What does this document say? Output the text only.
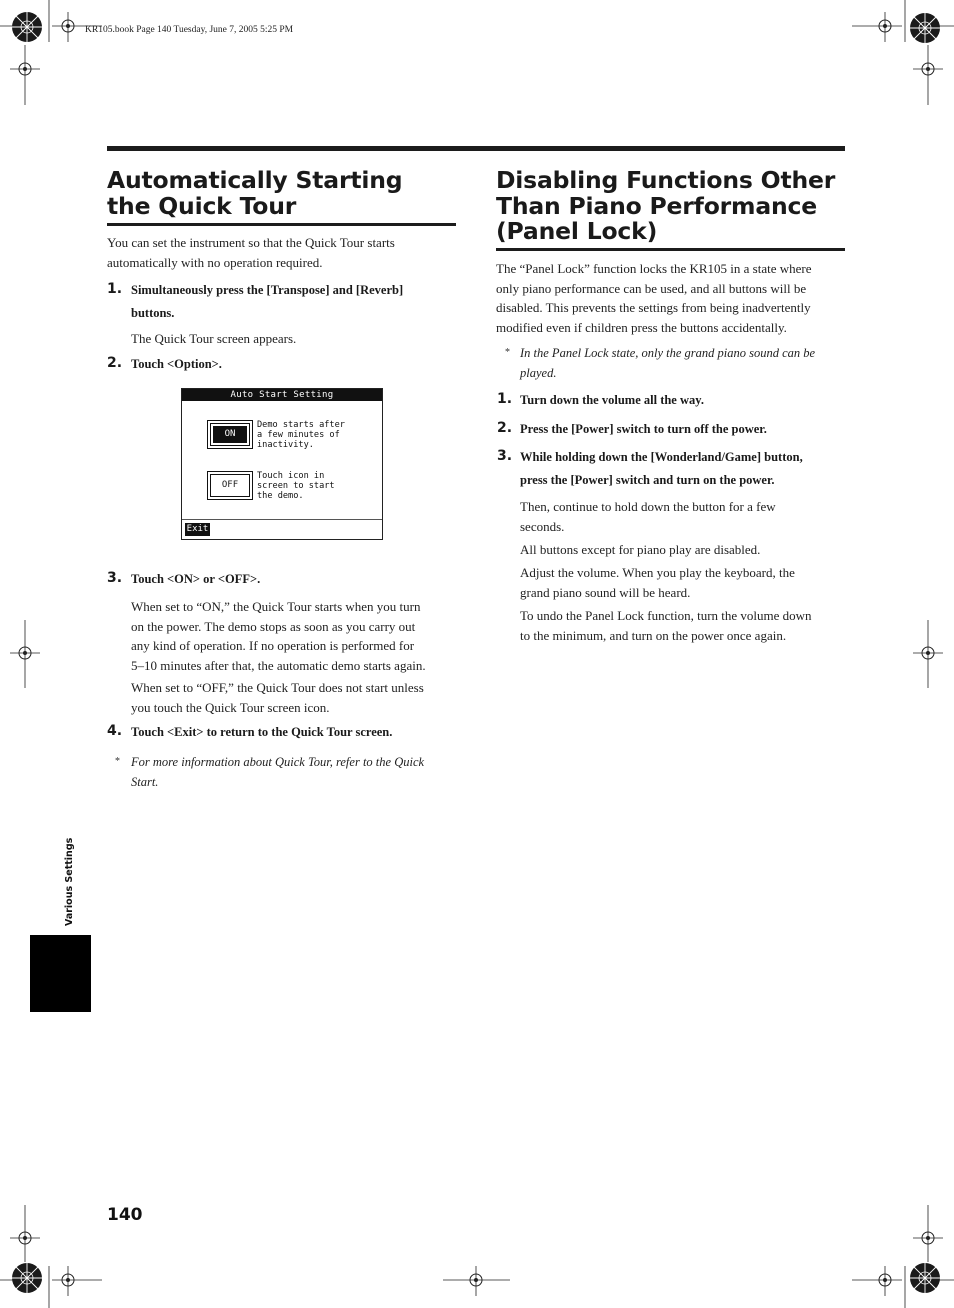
KR105.book Page 140 Tuesday, June 7, 2005 5:25 PM
Automatically Starting the Quick Tour
You can set the instrument so that the Quick Tour starts
automatically with no operation required.
1. Simultaneously press the [Transpose] and [Reverb]
buttons.
The Quick Tour screen appears.
2. Touch <Option>.
Auto Start Setting
ON
Demo starts after
a few minutes of
inactivity.
OFF
Touch icon in
screen to start
the demo.
Exit
3. Touch <ON> or <OFF>.
When set to “ON,” the Quick Tour starts when you turn
on the power. The demo stops as soon as you carry out
any kind of operation. If no operation is performed for
5–10 minutes after that, the automatic demo starts again.
When set to “OFF,” the Quick Tour does not start unless
you touch the Quick Tour screen icon.
4. Touch <Exit> to return to the Quick Tour screen.
* For more information about Quick Tour, refer to the Quick
Start.
Disabling Functions Other
Than Piano Performance
(Panel Lock)
The “Panel Lock” function locks the KR105 in a state where
only piano performance can be used, and all buttons will be
disabled. This prevents the settings from being inadvertently
modified even if children press the buttons accidentally.
* In the Panel Lock state, only the grand piano sound can be
played.
1. Turn down the volume all the way.
2. Press the [Power] switch to turn off the power.
3. While holding down the [Wonderland/Game] button,
press the [Power] switch and turn on the power.
Then, continue to hold down the button for a few
seconds.
All buttons except for piano play are disabled.
Adjust the volume. When you play the keyboard, the
grand piano sound will be heard.
To undo the Panel Lock function, turn the volume down
to the minimum, and turn on the power once again.
Various Settings
140
